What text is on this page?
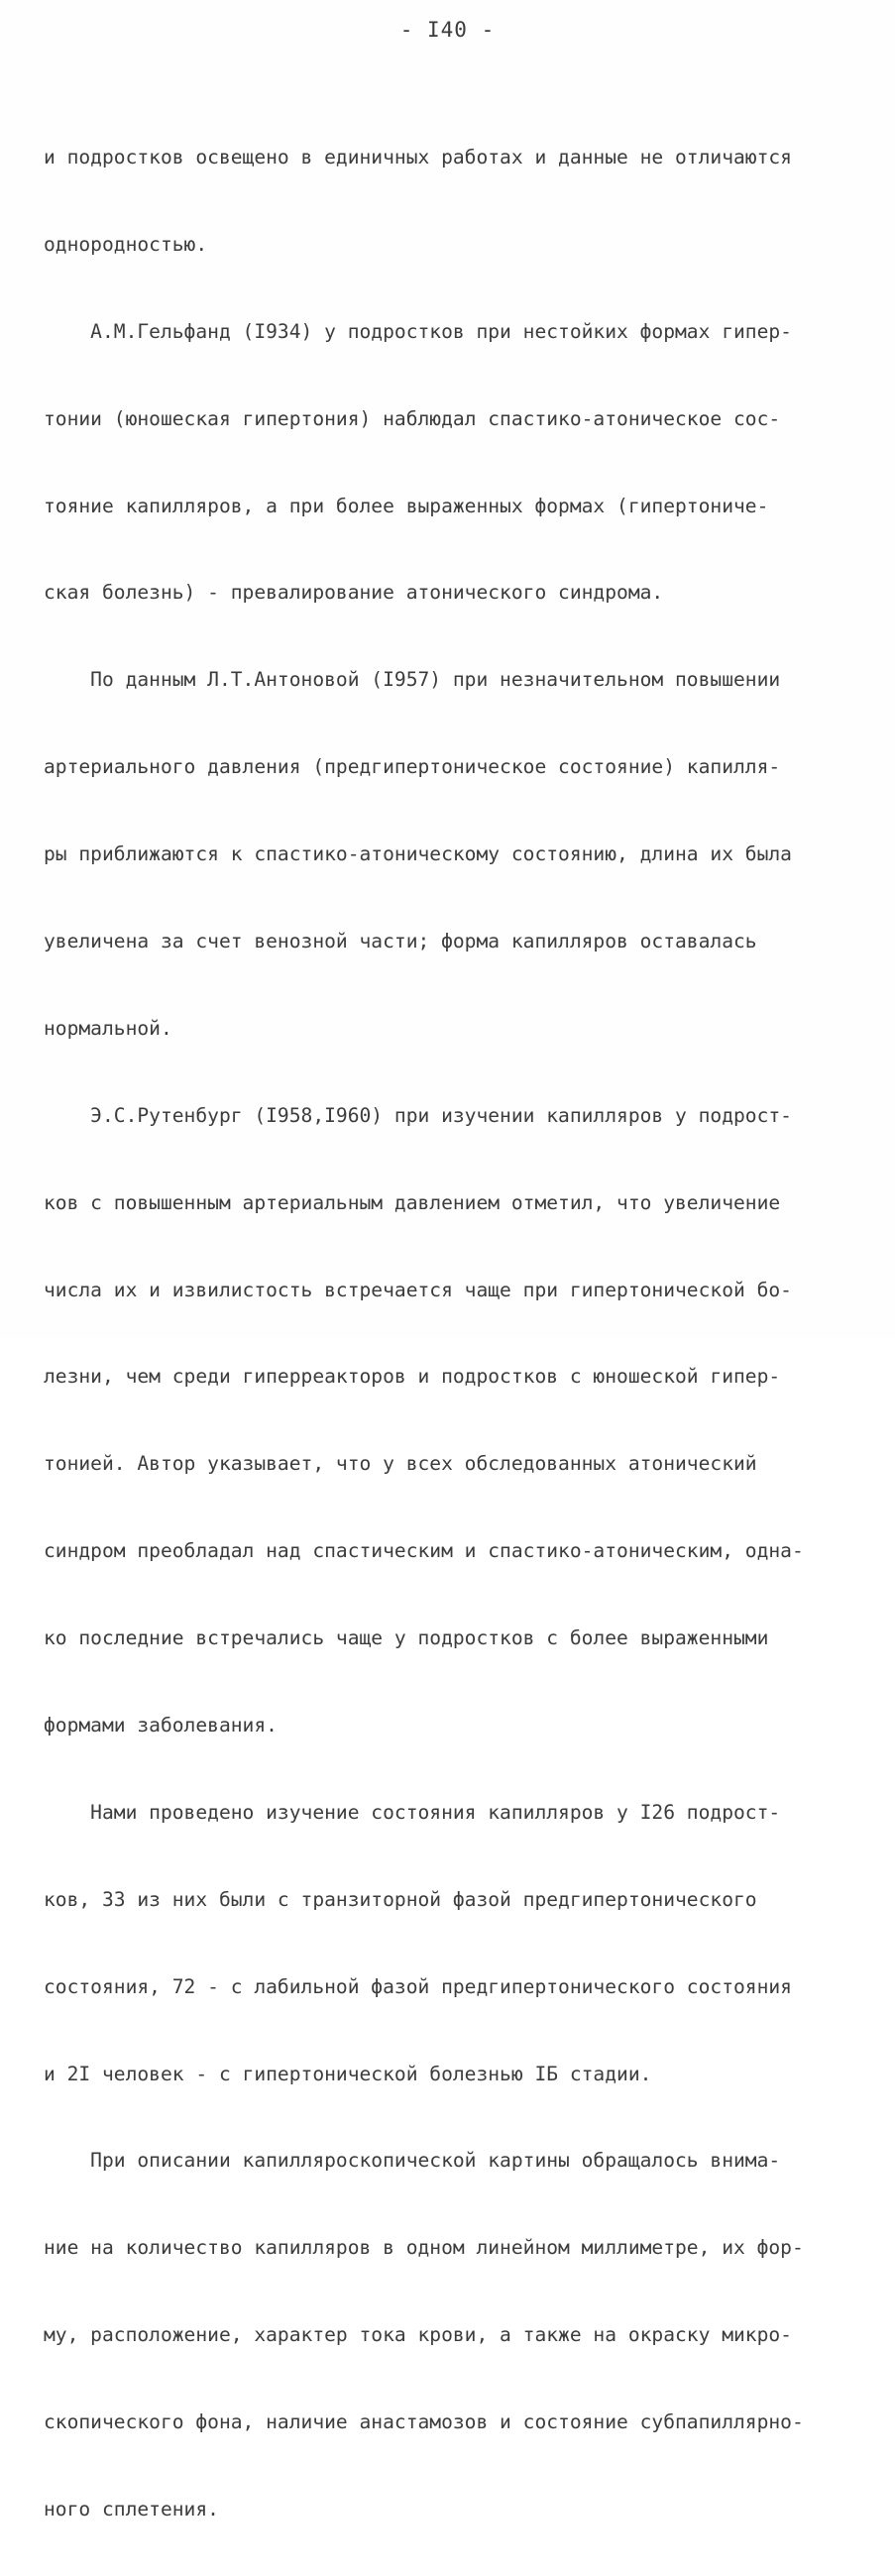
- I40 -

и подростков освещено в единичных работах и данные не отличаются

однородностью.

А.М.Гельфанд (I934) у подростков при нестойких формах гипер-

тонии (юношеская гипертония) наблюдал спастико-атоническое сос-

тояние капилляров, а при более выраженных формах (гипертониче-

ская болезнь) - превалирование атонического синдрома.

По данным Л.Т.Антоновой (I957) при незначительном повышении

артериального давления (предгипертоническое состояние) капилля-

ры приближаются к спастико-атоническому состоянию, длина их была

увеличена за счет венозной части; форма капилляров оставалась

нормальной.

Э.С.Рутенбург (I958,I960) при изучении капилляров у подрост-

ков с повышенным артериальным давлением отметил, что увеличение

числа их и извилистость встречается чаще при гипертонической бо-

лезни, чем среди гиперреакторов и подростков с юношеской гипер-

тонией. Автор указывает, что у всех обследованных атонический

синдром преобладал над спастическим и спастико-атоническим, одна-

ко последние встречались чаще у подростков с более выраженными

формами заболевания.

Нами проведено изучение состояния капилляров у I26 подрост-

ков, 33 из них были с транзиторной фазой предгипертонического

состояния, 72 - с лабильной фазой предгипертонического состояния

и 2I человек - с гипертонической болезнью IБ стадии.

При описании капилляроскопической картины обращалось внима-

ние на количество капилляров в одном линейном миллиметре, их фор-

му, расположение, характер тока крови, а также на окраску микро-

скопического фона, наличие анастамозов и состояние субпапиллярно-

ного сплетения.
